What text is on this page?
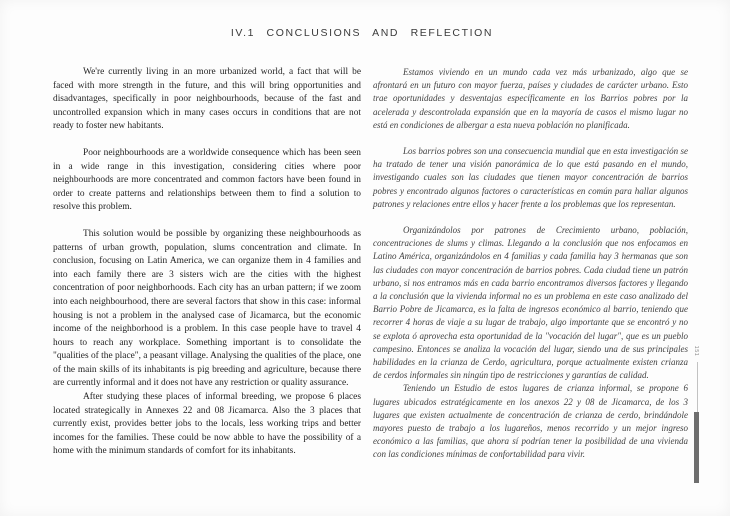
IV.1 CONCLUSIONS AND REFLECTION

We're currently living in an more urbanized world, a fact that will be faced with more strength in the future, and this will bring opportunities and disadvantages, specifically in poor neighbourhoods, because of the fast and uncontrolled expansion which in many cases occurs in conditions that are not ready to foster new habitants.

Poor neighbourhoods are a worldwide consequence which has been seen in a wide range in this investigation, considering cities where poor neighbourhoods are more concentrated and common factors have been found in order to create patterns and relationships between them to find a solution to resolve this problem.

This solution would be possible by organizing these neighbourhoods as patterns of urban growth, population, slums concentration and climate. In conclusion, focusing on Latin America, we can organize them in 4 families and into each family there are 3 sisters wich are the cities with the highest concentration of poor neighborhoods. Each city has an urban pattern; if we zoom into each neighbourhood, there are several factors that show in this case: informal housing is not a problem in the analysed case of Jicamarca, but the economic income of the neighborhood is a problem. In this case people have to travel 4 hours to reach any workplace. Something important is to consolidate the "qualities of the place", a peasant village. Analysing the qualities of the place, one of the main skills of its inhabitants is pig breeding and agriculture, because there are currently informal and it does not have any restriction or quality assurance.

After studying these places of informal breeding, we propose 6 places located strategically in Annexes 22 and 08 Jicamarca. Also the 3 places that currently exist, provides better jobs to the locals, less working trips and better incomes for the families. These could be now abble to have the possibility of a home with the minimum standards of comfort for its inhabitants.

Estamos viviendo en un mundo cada vez más urbanizado, algo que se afrontará en un futuro con mayor fuerza, países y ciudades de carácter urbano. Esto trae oportunidades y desventajas específicamente en los Barrios pobres por la acelerada y descontrolada expansión que en la mayoría de casos el mismo lugar no está en condiciones de albergar a esta nueva población no planificada.

Los barrios pobres son una consecuencia mundial que en esta investigación se ha tratado de tener una visión panorámica de lo que está pasando en el mundo, investigando cuales son las ciudades que tienen mayor concentración de barrios pobres y encontrado algunos factores o características en común para hallar algunos patrones y relaciones entre ellos y hacer frente a los problemas que los representan.

Organizándolos por patrones de Crecimiento urbano, población, concentraciones de slums y climas. Llegando a la conclusión que nos enfocamos en Latino América, organizándolos en 4 familias y cada familia hay 3 hermanas que son las ciudades con mayor concentración de barrios pobres. Cada ciudad tiene un patrón urbano, si nos entramos más en cada barrio encontramos diversos factores y llegando a la conclusión que la vivienda informal no es un problema en este caso analizado del Barrio Pobre de Jicamarca, es la falta de ingresos económico al barrio, teniendo que recorrer 4 horas de viaje a su lugar de trabajo, algo importante que se encontró y no se explota ó aprovecha esta oportunidad de la "vocación del lugar", que es un pueblo campesino. Entonces se analiza la vocación del lugar, siendo una de sus principales habilidades en la crianza de Cerdo, agricultura, porque actualmente existen crianza de cerdos informales sin ningún tipo de restricciones y garantías de calidad.

Teniendo un Estudio de estos lugares de crianza informal, se propone 6 lugares ubicados estratégicamente en los anexos 22 y 08 de Jicamarca, de los 3 lugares que existen actualmente de concentración de crianza de cerdo, brindándole mayores puesto de trabajo a los lugareños, menos recorrido y un mejor ingreso económico a las familias, que ahora sí podrían tener la posibilidad de una vivienda con las condiciones mínimas de confortabilidad para vivir.

151
